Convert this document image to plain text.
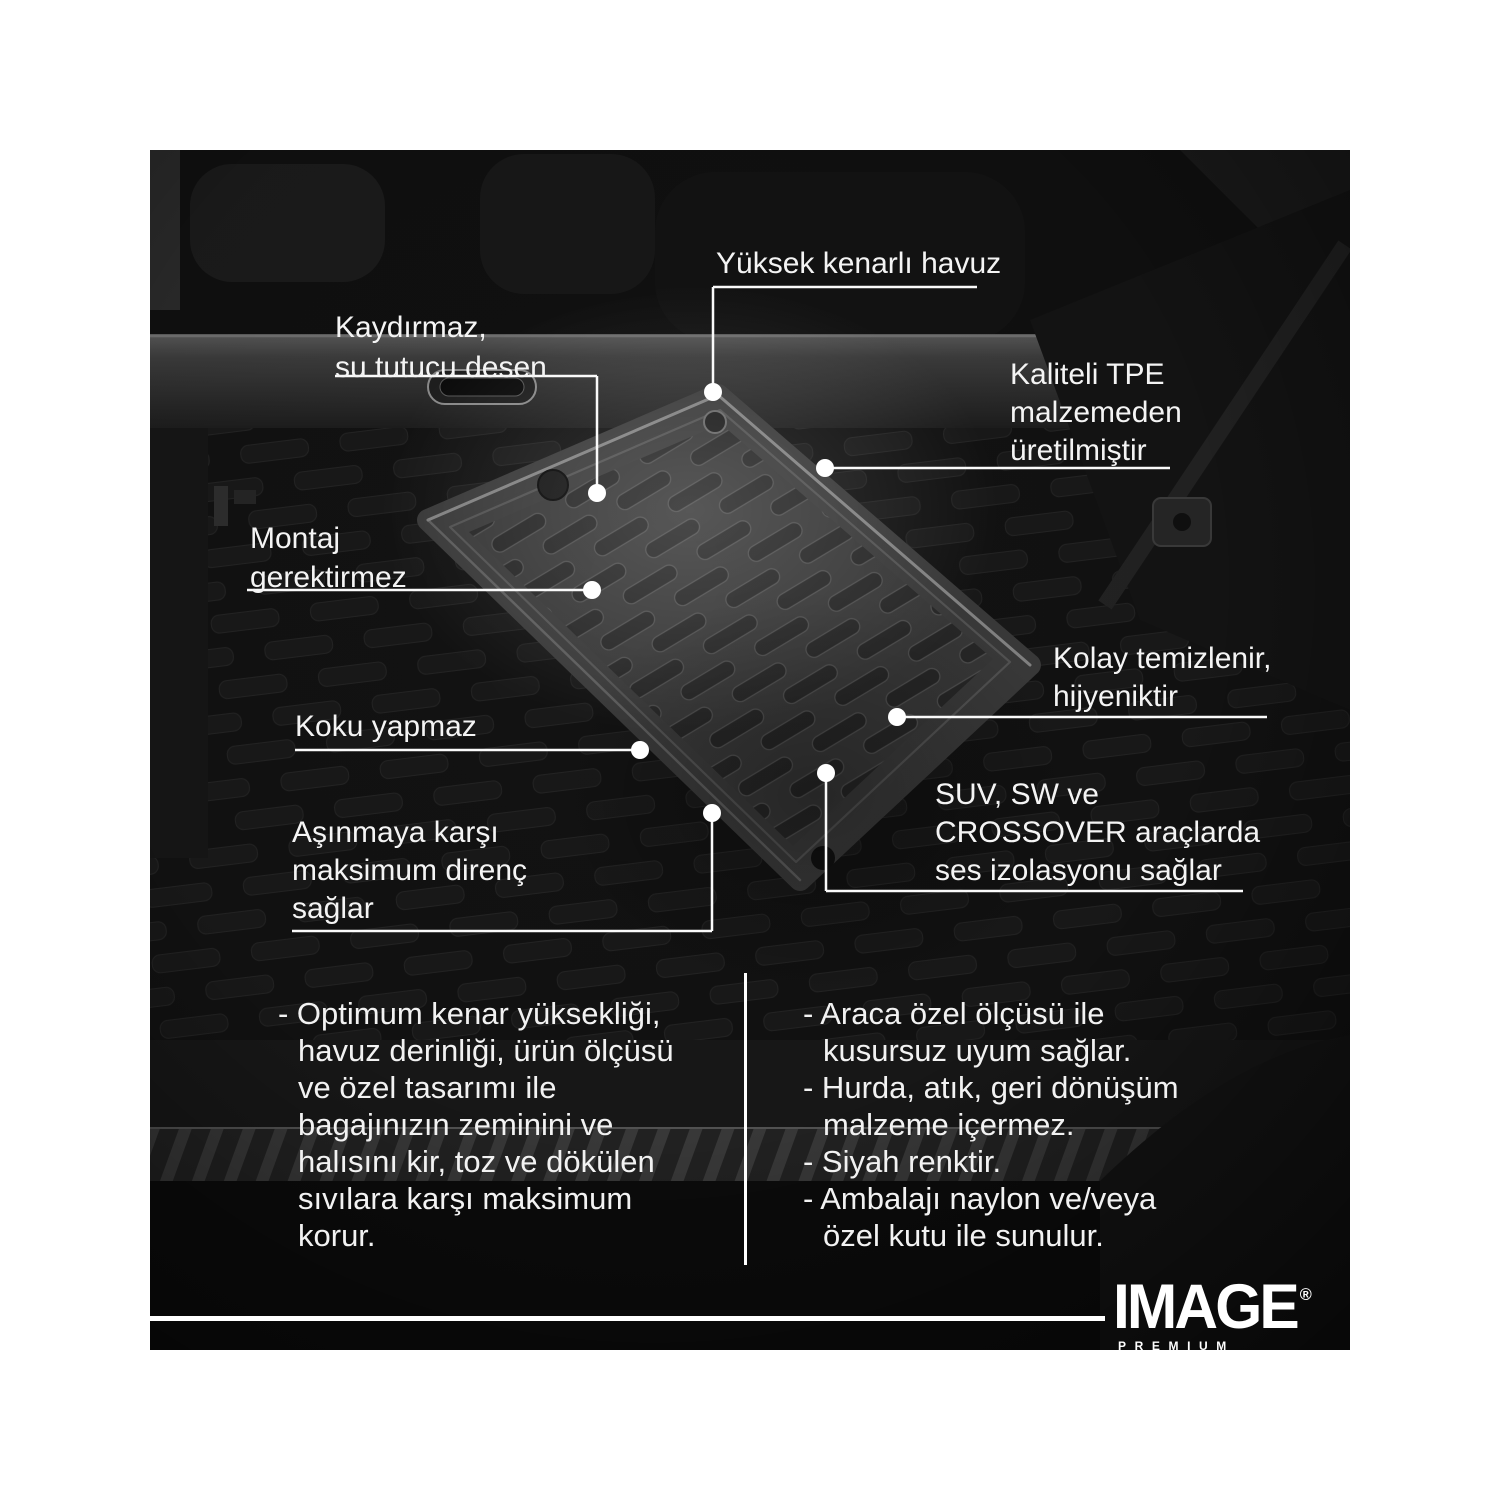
Yüksek kenarlı havuz
Kaydırmaz,
su tutucu desen	Kaliteli TPE
malzemeden
üretilmiştir
Montaj
gerektirmez
Kolay temizlenir,
hijyeniktir
Koku yapmaz
Aşınmaya karşı
maksimum direnç
sağlar
SUV, SW ve
CROSSOVER araçlarda
ses izolasyonu sağlar
- Optimum kenar yüksekliği,
havuz derinliği, ürün ölçüsü
ve özel tasarımı ile
bagajınızın zeminini ve
halısını kir, toz ve dökülen
sıvılara karşı maksimum
korur.
- Araca özel ölçüsü ile
kusursuz uyum sağlar.
- Hurda, atık, geri dönüşüm
malzeme içermez.
- Siyah renktir.
- Ambalajı naylon ve/veya
özel kutu ile sunulur.
IMAGE ®
PREMIUM
